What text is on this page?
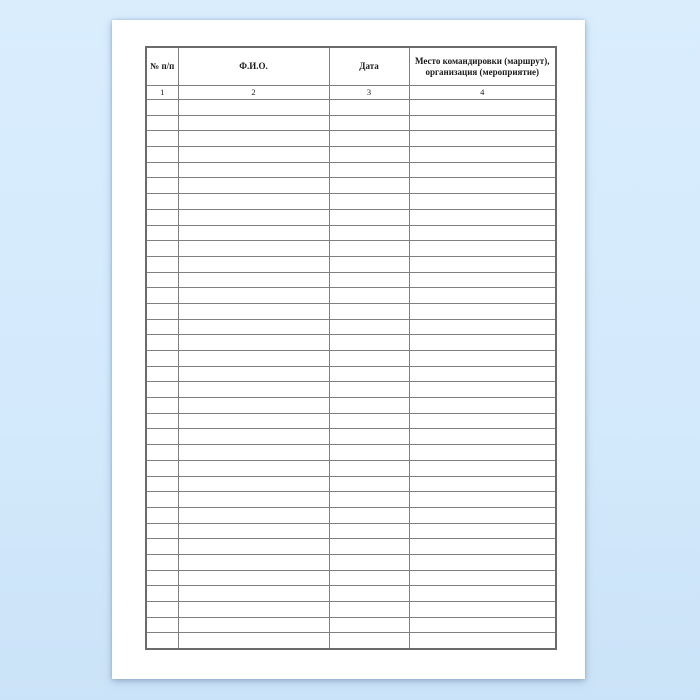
№ п/п	Ф.И.О.	Дата	Место командировки (маршрут), организация (мероприятие)
1	2	3	4
